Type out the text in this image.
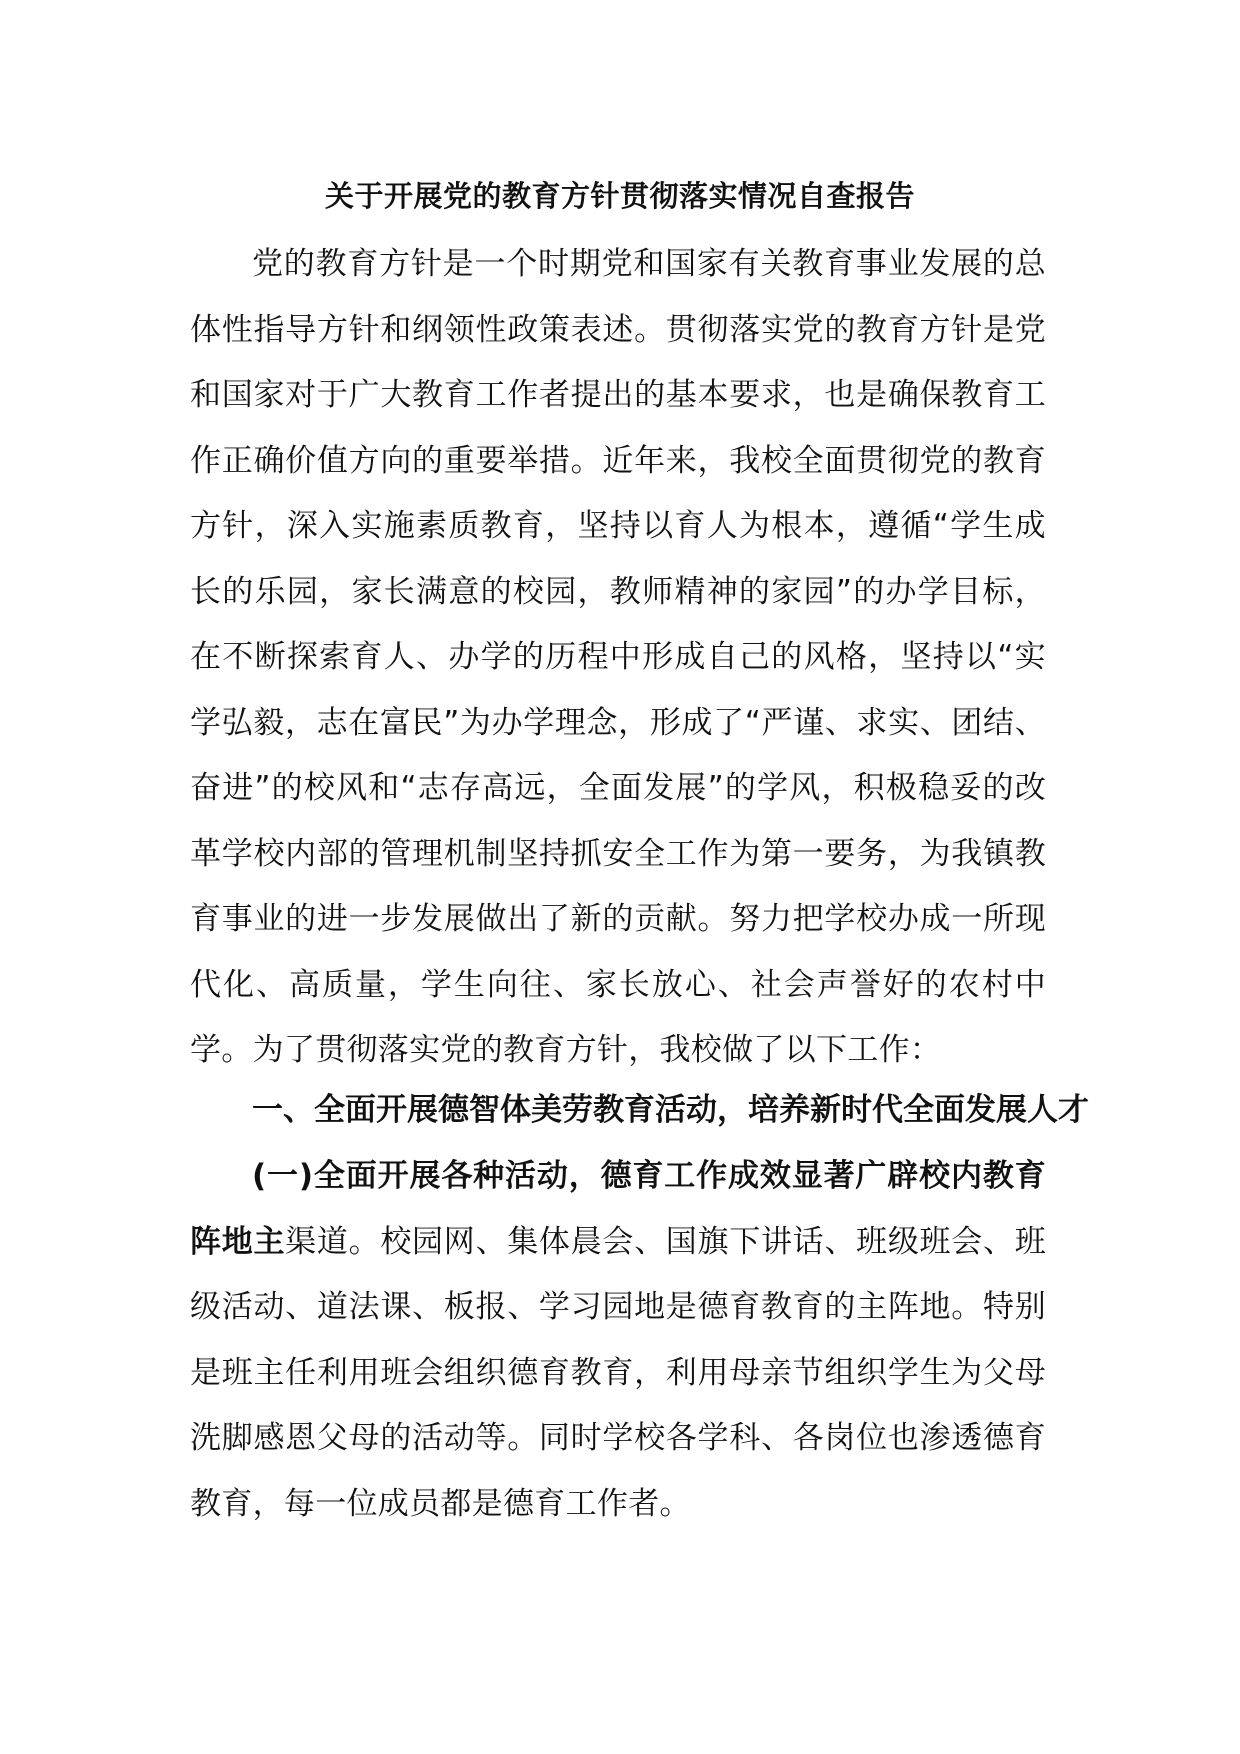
关于开展党的教育方针贯彻落实情况自查报告

党的教育方针是一个时期党和国家有关教育事业发展的总体性指导方针和纲领性政策表述。贯彻落实党的教育方针是党和国家对于广大教育工作者提出的基本要求，也是确保教育工作正确价值方向的重要举措。近年来，我校全面贯彻党的教育方针，深入实施素质教育，坚持以育人为根本，遵循“学生成长的乐园，家长满意的校园，教师精神的家园”的办学目标，在不断探索育人、办学的历程中形成自己的风格，坚持以“实学弘毅，志在富民”为办学理念，形成了“严谨、求实、团结、奋进”的校风和“志存高远，全面发展”的学风，积极稳妥的改革学校内部的管理机制坚持抓安全工作为第一要务，为我镇教育事业的进一步发展做出了新的贡献。努力把学校办成一所现代化、高质量，学生向往、家长放心、社会声誉好的农村中学。为了贯彻落实党的教育方针，我校做了以下工作：

一、全面开展德智体美劳教育活动，培养新时代全面发展人才

(一)全面开展各种活动，德育工作成效显著广辟校内教育阵地主渠道。校园网、集体晨会、国旗下讲话、班级班会、班级活动、道法课、板报、学习园地是德育教育的主阵地。特别是班主任利用班会组织德育教育，利用母亲节组织学生为父母洗脚感恩父母的活动等。同时学校各学科、各岗位也渗透德育教育，每一位成员都是德育工作者。
